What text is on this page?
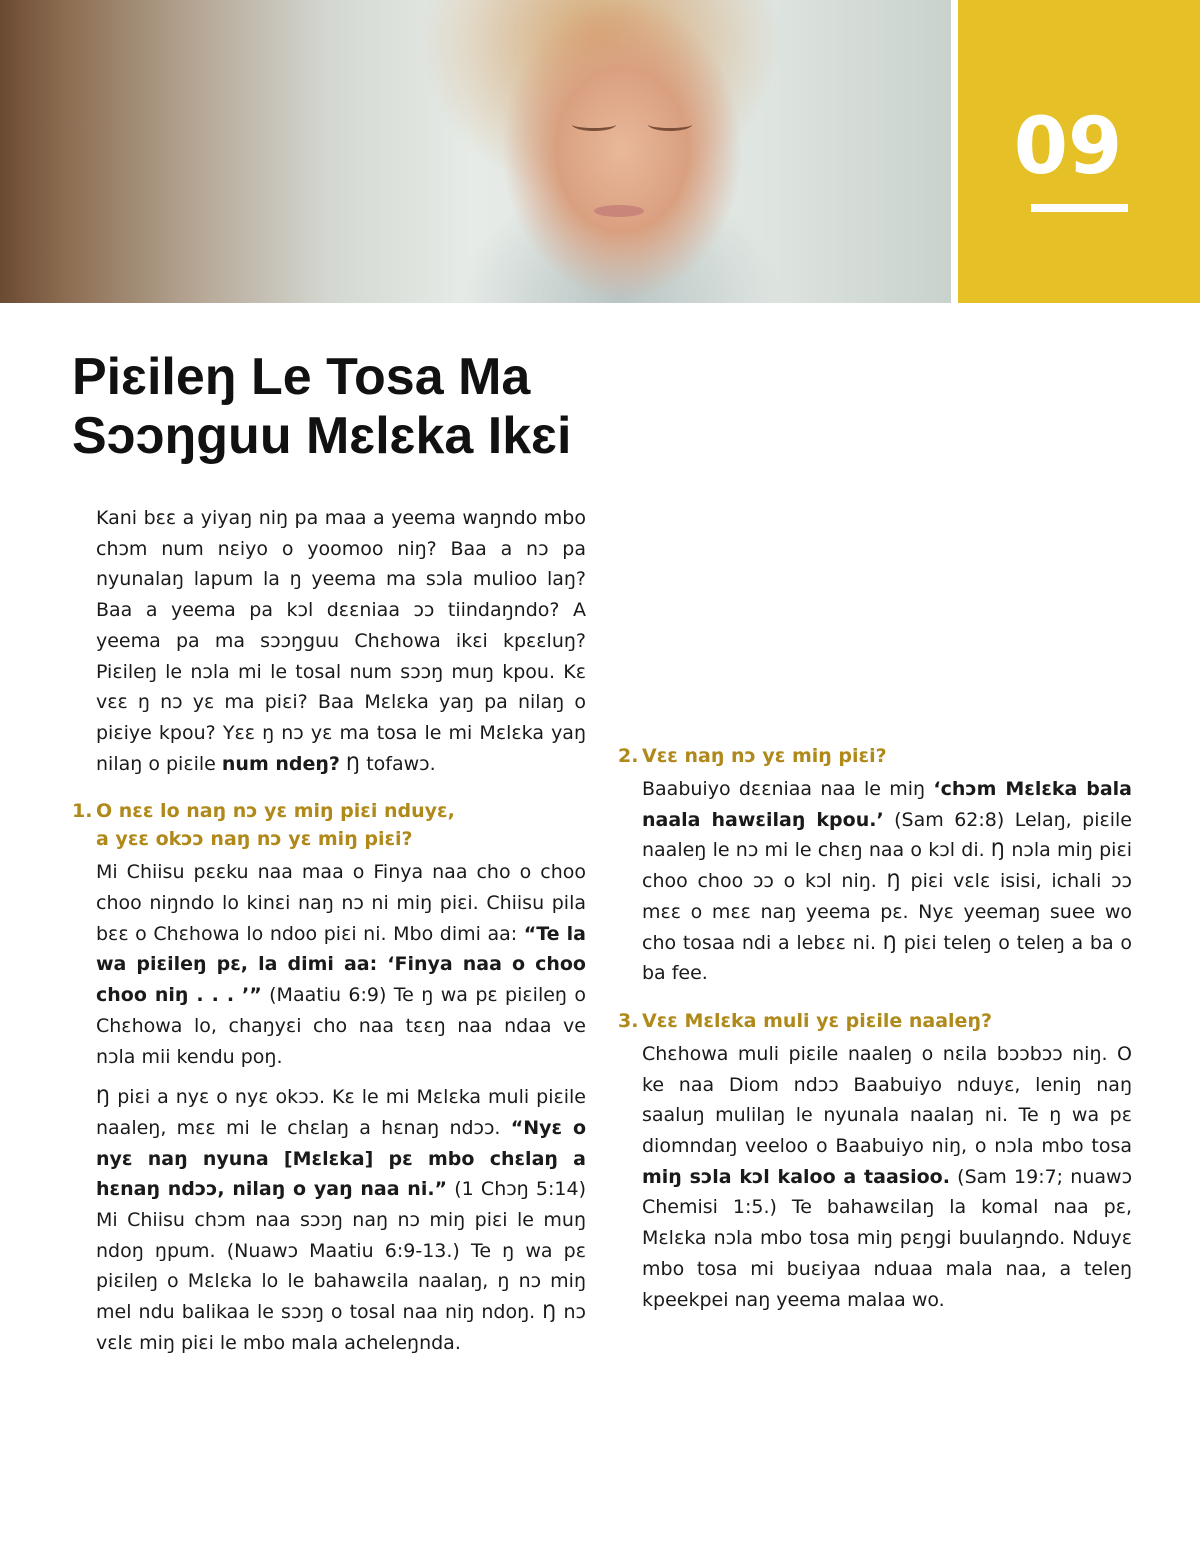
09
Piɛileŋ Le Tosa Ma
Sɔɔŋguu Mɛlɛka Ikɛi

Kani bɛɛ a yiyaŋ niŋ pa maa a yeema waŋndo mbo chɔm num nɛiyo o yoomoo niŋ? Baa a nɔ pa nyunalaŋ lapum la ŋ yeema ma sɔla mulioo laŋ? Baa a yeema pa kɔl dɛɛniaa ɔɔ tiindaŋndo? A yeema pa ma sɔɔŋguu Chɛhowa ikɛi kpɛɛluŋ? Piɛileŋ le nɔla mi le tosal num sɔɔŋ muŋ kpou. Kɛ vɛɛ ŋ nɔ yɛ ma piɛi? Baa Mɛlɛka yaŋ pa nilaŋ o piɛiye kpou? Yɛɛ ŋ nɔ yɛ ma tosa le mi Mɛlɛka yaŋ nilaŋ o piɛile num ndeŋ? Ŋ tofawɔ.

1. O nɛɛ lo naŋ nɔ yɛ miŋ piɛi nduyɛ,
a yɛɛ okɔɔ naŋ nɔ yɛ miŋ piɛi?

Mi Chiisu pɛɛku naa maa o Finya naa cho o choo choo niŋndo lo kinɛi naŋ nɔ ni miŋ piɛi. Chiisu pila bɛɛ o Chɛhowa lo ndoo piɛi ni. Mbo dimi aa: “Te la wa piɛileŋ pɛ, la dimi aa: ‘Finya naa o choo choo niŋ . . . ’” (Maatiu 6:9) Te ŋ wa pɛ piɛileŋ o Chɛhowa lo, chaŋyɛi cho naa tɛɛŋ naa ndaa ve nɔla mii kendu poŋ.

Ŋ piɛi a nyɛ o nyɛ okɔɔ. Kɛ le mi Mɛlɛka muli piɛile naaleŋ, mɛɛ mi le chɛlaŋ a hɛnaŋ ndɔɔ. “Nyɛ o nyɛ naŋ nyuna [Mɛlɛka] pɛ mbo chɛlaŋ a hɛnaŋ ndɔɔ, nilaŋ o yaŋ naa ni.” (1 Chɔŋ 5:14) Mi Chiisu chɔm naa sɔɔŋ naŋ nɔ miŋ piɛi le muŋ ndoŋ ŋpum. (Nuawɔ Maatiu 6:9-13.) Te ŋ wa pɛ piɛileŋ o Mɛlɛka lo le bahawɛila naalaŋ, ŋ nɔ miŋ mel ndu balikaa le sɔɔŋ o tosal naa niŋ ndoŋ. Ŋ nɔ vɛlɛ miŋ piɛi le mbo mala acheleŋnda.

2. Vɛɛ naŋ nɔ yɛ miŋ piɛi?

Baabuiyo dɛɛniaa naa le miŋ ‘chɔm Mɛlɛka bala naala hawɛilaŋ kpou.’ (Sam 62:8) Lelaŋ, piɛile naaleŋ le nɔ mi le chɛŋ naa o kɔl di. Ŋ nɔla miŋ piɛi choo choo ɔɔ o kɔl niŋ. Ŋ piɛi vɛlɛ isisi, ichali ɔɔ mɛɛ o mɛɛ naŋ yeema pɛ. Nyɛ yeemaŋ suee wo cho tosaa ndi a lebɛɛ ni. Ŋ piɛi teleŋ o teleŋ a ba o ba fee.

3. Vɛɛ Mɛlɛka muli yɛ piɛile naaleŋ?

Chɛhowa muli piɛile naaleŋ o nɛila bɔɔbɔɔ niŋ. O ke naa Diom ndɔɔ Baabuiyo nduyɛ, leniŋ naŋ saaluŋ mulilaŋ le nyunala naalaŋ ni. Te ŋ wa pɛ diomndaŋ veeloo o Baabuiyo niŋ, o nɔla mbo tosa miŋ sɔla kɔl kaloo a taasioo. (Sam 19:7; nuawɔ Chemisi 1:5.) Te bahawɛilaŋ la komal naa pɛ, Mɛlɛka nɔla mbo tosa miŋ pɛŋgi buulaŋndo. Nduyɛ mbo tosa mi buɛiyaa nduaa mala naa, a teleŋ kpeekpei naŋ yeema malaa wo.
